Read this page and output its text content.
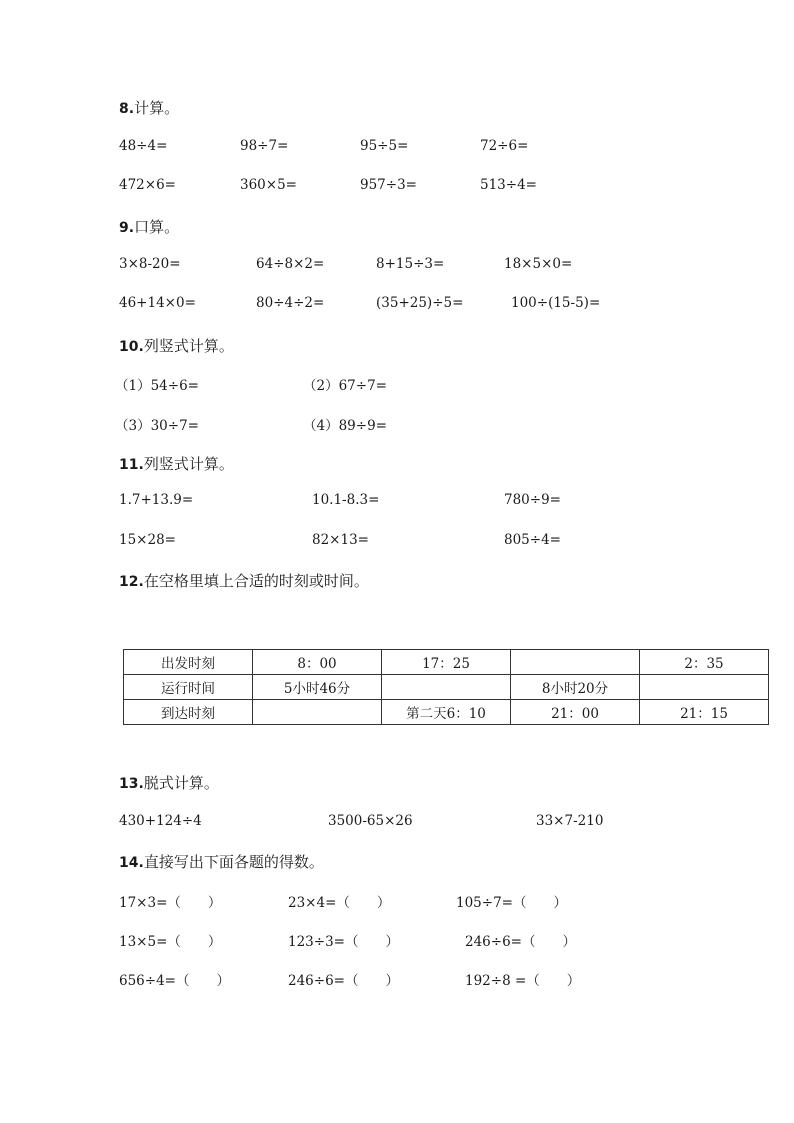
8.计算。
48÷4=	98÷7=	95÷5=	72÷6=
472×6=	360×5=	957÷3=	513÷4=
9.口算。
3×8-20=	64÷8×2=	8+15÷3=	18×5×0=
46+14×0=	80÷4÷2=	(35+25)÷5=	100÷(15-5)=
10.列竖式计算。
（1）54÷6=	（2）67÷7=
（3）30÷7=	（4）89÷9=
11.列竖式计算。
1.7+13.9=	10.1-8.3=	780÷9=
15×28=	82×13=	805÷4=
12.在空格里填上合适的时刻或时间。
出发时刻	8：00	17：25		2：35
运行时间	5小时46分		8小时20分	
到达时刻		第二天6：10	21：00	21：15
13.脱式计算。
430+124÷4	3500-65×26	33×7-210
14.直接写出下面各题的得数。
17×3=（　　）	23×4=（　　）	105÷7=（　　）
13×5=（　　）	123÷3=（　　）	246÷6=（　　）
656÷4=（　　）	246÷6=（　　）	192÷8 =（　　）
